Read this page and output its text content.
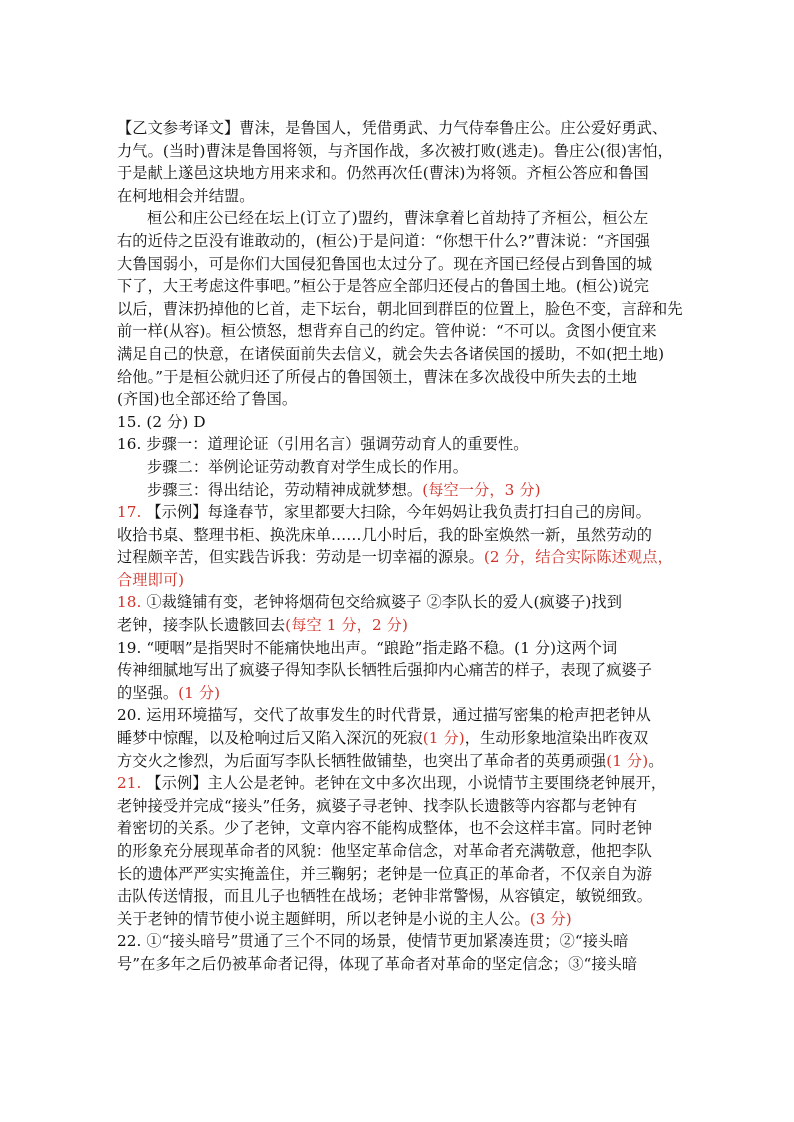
【乙文参考译文】曹沫，是鲁国人，凭借勇武、力气侍奉鲁庄公。庄公爱好勇武、
力气。(当时)曹沫是鲁国将领，与齐国作战，多次被打败(逃走)。鲁庄公(很)害怕，
于是献上遂邑这块地方用来求和。仍然再次任(曹沫)为将领。齐桓公答应和鲁国
在柯地相会并结盟。
桓公和庄公已经在坛上(订立了)盟约，曹沫拿着匕首劫持了齐桓公，桓公左
右的近侍之臣没有谁敢动的，(桓公)于是问道：“你想干什么?”曹沫说：“齐国强
大鲁国弱小，可是你们大国侵犯鲁国也太过分了。现在齐国已经侵占到鲁国的城
下了，大王考虑这件事吧。”桓公于是答应全部归还侵占的鲁国土地。(桓公)说完
以后，曹沫扔掉他的匕首，走下坛台，朝北回到群臣的位置上，脸色不变，言辞和先
前一样(从容)。桓公愤怒，想背弃自己的约定。管仲说：“不可以。贪图小便宜来
满足自己的快意，在诸侯面前失去信义，就会失去各诸侯国的援助，不如(把土地)
给他。”于是桓公就归还了所侵占的鲁国领土，曹沫在多次战役中所失去的土地
(齐国)也全部还给了鲁国。
15. (2 分) D
16. 步骤一：道理论证（引用名言）强调劳动育人的重要性。
步骤二：举例论证劳动教育对学生成长的作用。
步骤三：得出结论，劳动精神成就梦想。(每空一分，3 分)
17. 【示例】每逢春节，家里都要大扫除，今年妈妈让我负责打扫自己的房间。
收拾书桌、整理书柜、换洗床单……几小时后，我的卧室焕然一新，虽然劳动的
过程颇辛苦，但实践告诉我：劳动是一切幸福的源泉。(2 分，结合实际陈述观点，
合理即可)
18. ①裁缝铺有变，老钟将烟荷包交给疯婆子 ②李队长的爱人(疯婆子)找到
老钟，接李队长遗骸回去(每空 1 分，2 分)
19. “哽咽”是指哭时不能痛快地出声。“踉跄”指走路不稳。(1 分)这两个词
传神细腻地写出了疯婆子得知李队长牺牲后强抑内心痛苦的样子，表现了疯婆子
的坚强。(1 分)
20. 运用环境描写，交代了故事发生的时代背景，通过描写密集的枪声把老钟从
睡梦中惊醒，以及枪响过后又陷入深沉的死寂(1 分)，生动形象地渲染出昨夜双
方交火之惨烈，为后面写李队长牺牲做铺垫，也突出了革命者的英勇顽强(1 分)。
21. 【示例】主人公是老钟。老钟在文中多次出现，小说情节主要围绕老钟展开，
老钟接受并完成“接头”任务，疯婆子寻老钟、找李队长遗骸等内容都与老钟有
着密切的关系。少了老钟，文章内容不能构成整体，也不会这样丰富。同时老钟
的形象充分展现革命者的风貌：他坚定革命信念，对革命者充满敬意，他把李队
长的遗体严严实实掩盖住，并三鞠躬；老钟是一位真正的革命者，不仅亲自为游
击队传送情报，而且儿子也牺牲在战场；老钟非常警惕，从容镇定，敏锐细致。
关于老钟的情节使小说主题鲜明，所以老钟是小说的主人公。(3 分)
22. ①“接头暗号”贯通了三个不同的场景，使情节更加紧凑连贯；②“接头暗
号”在多年之后仍被革命者记得，体现了革命者对革命的坚定信念；③“接头暗
